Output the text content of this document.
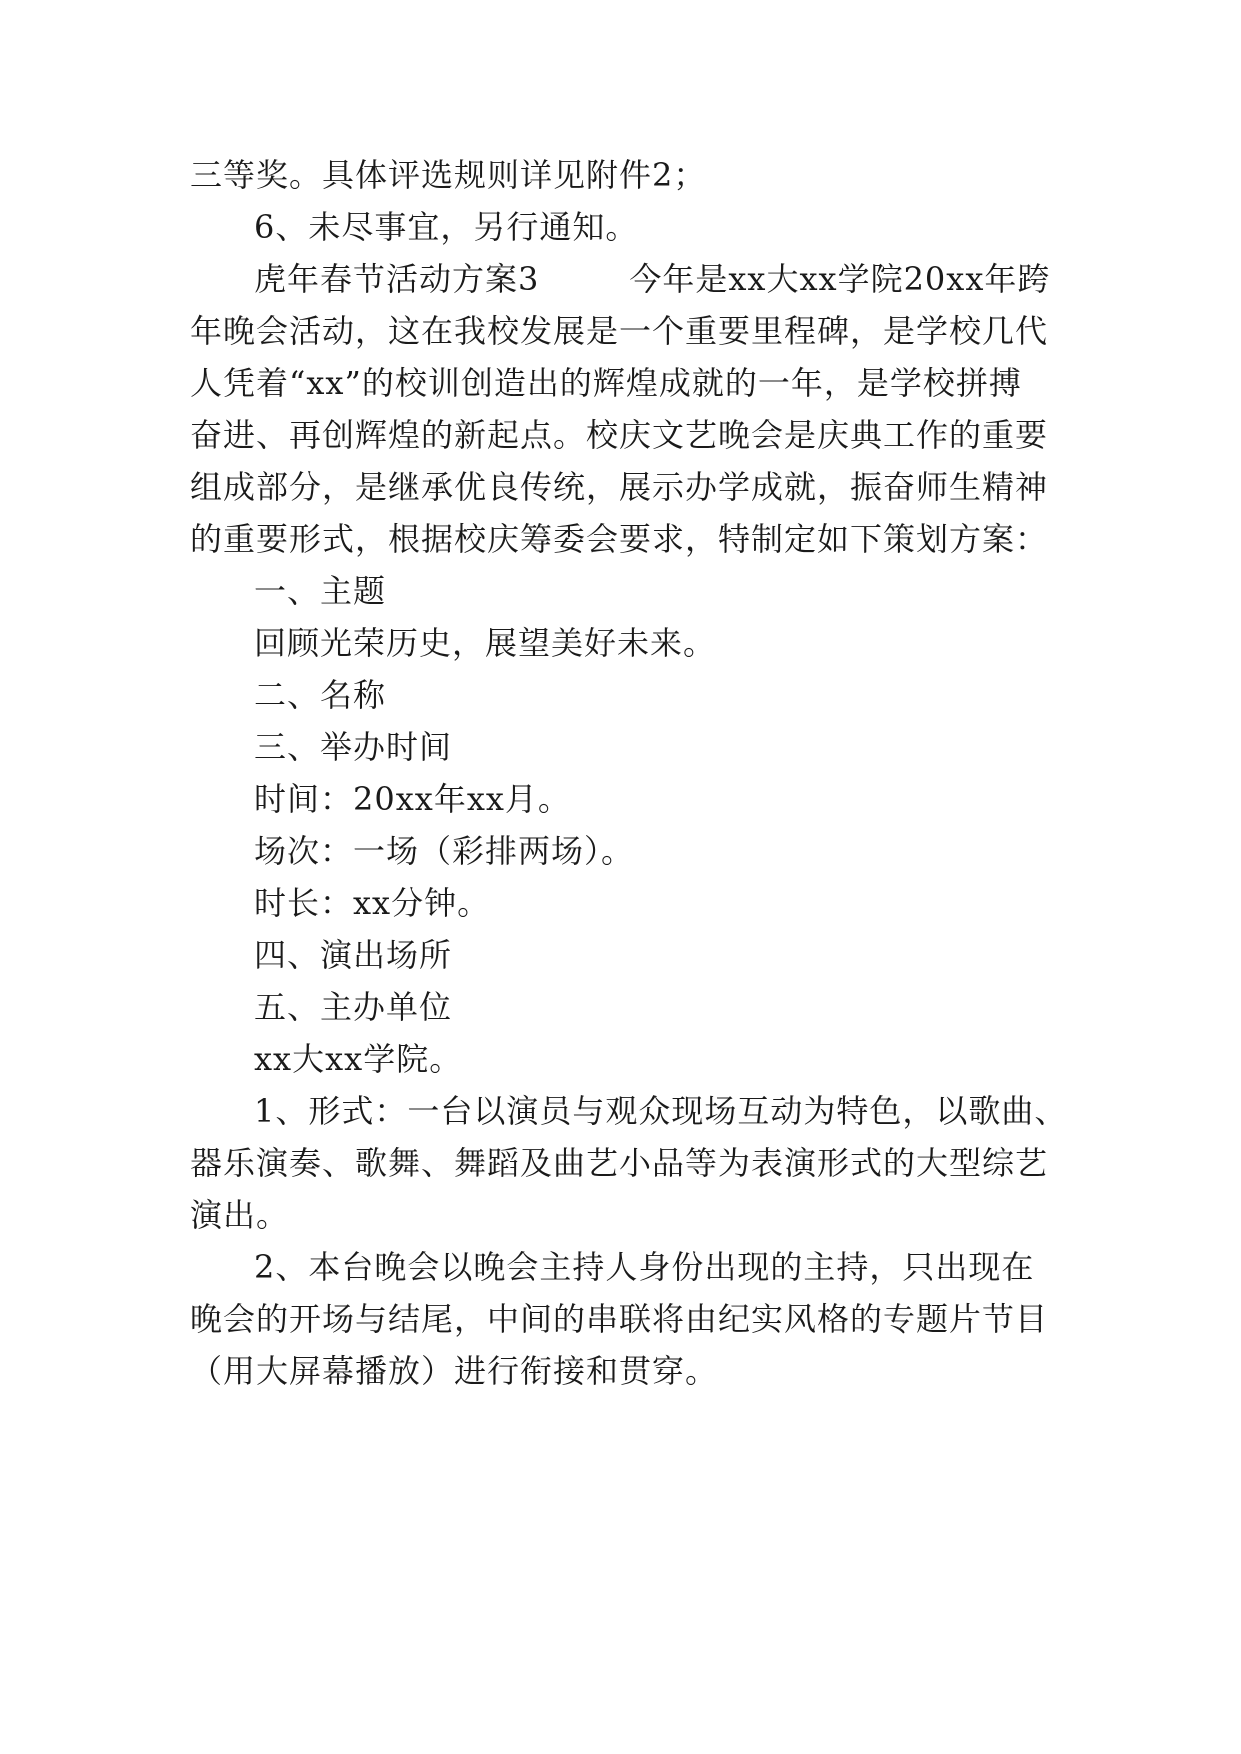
三等奖。具体评选规则详见附件2；
6、未尽事宜，另行通知。
虎年春节活动方案3	今年是xx大xx学院20xx年跨
年晚会活动，这在我校发展是一个重要里程碑，是学校几代
人凭着“xx”的校训创造出的辉煌成就的一年，是学校拼搏
奋进、再创辉煌的新起点。校庆文艺晚会是庆典工作的重要
组成部分，是继承优良传统，展示办学成就，振奋师生精神
的重要形式，根据校庆筹委会要求，特制定如下策划方案：
一、主题
回顾光荣历史，展望美好未来。
二、名称
三、举办时间
时间：20xx年xx月。
场次：一场（彩排两场）。
时长：xx分钟。
四、演出场所
五、主办单位
xx大xx学院。
1、形式：一台以演员与观众现场互动为特色，以歌曲、
器乐演奏、歌舞、舞蹈及曲艺小品等为表演形式的大型综艺
演出。
2、本台晚会以晚会主持人身份出现的主持，只出现在
晚会的开场与结尾，中间的串联将由纪实风格的专题片节目
（用大屏幕播放）进行衔接和贯穿。
